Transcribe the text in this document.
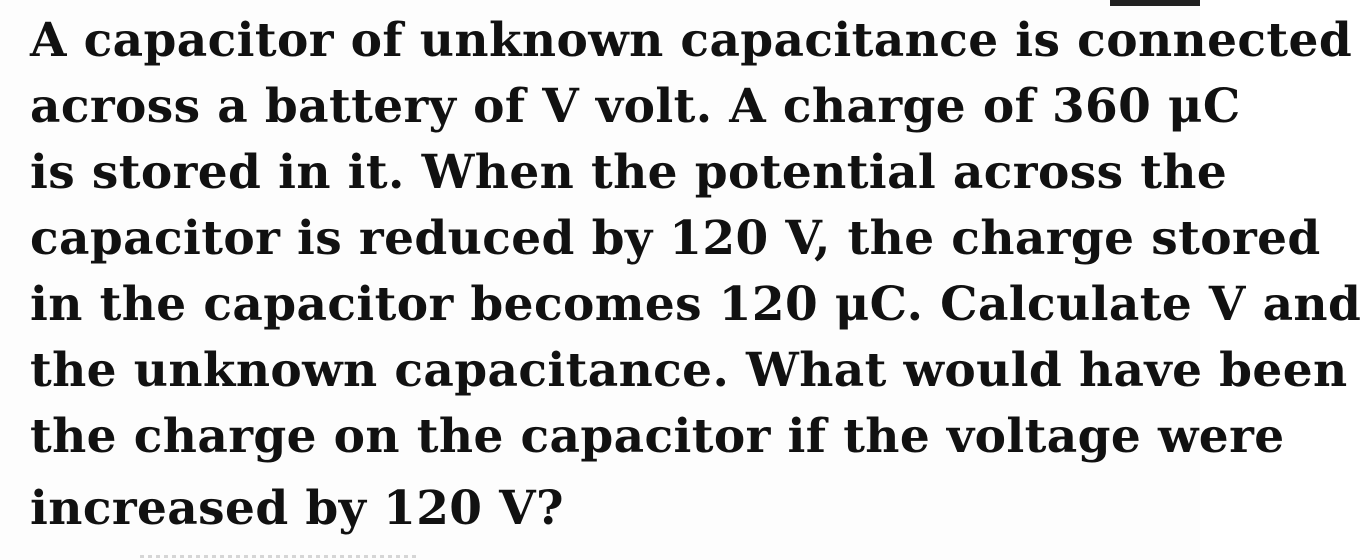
A capacitor of unknown capacitance is connected
across a battery of V volt. A charge of 360 μC
is stored in it. When the potential across the
capacitor is reduced by 120 V, the charge stored
in the capacitor becomes 120 μC. Calculate V and
the unknown capacitance. What would have been
the charge on the capacitor if the voltage were
increased by 120 V?
